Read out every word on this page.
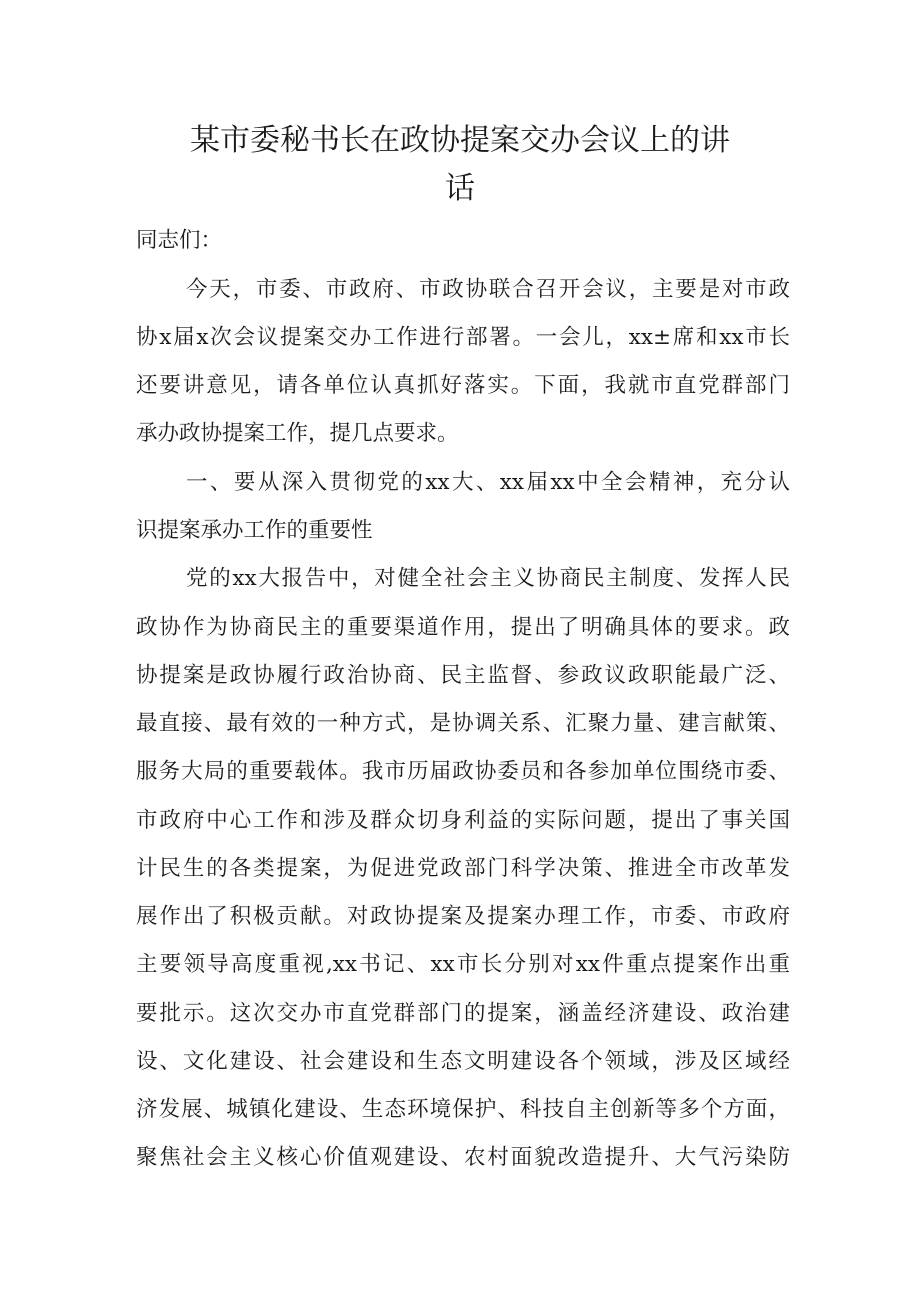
某市委秘书长在政协提案交办会议上的讲
话
同志们：
今天，市委、市政府、市政协联合召开会议，主要是对市政
协x届x次会议提案交办工作进行部署。一会儿，xx±席和xx市长
还要讲意见，请各单位认真抓好落实。下面，我就市直党群部门
承办政协提案工作，提几点要求。
一、要从深入贯彻党的xx大、xx届xx中全会精神，充分认
识提案承办工作的重要性
党的xx大报告中，对健全社会主义协商民主制度、发挥人民
政协作为协商民主的重要渠道作用，提出了明确具体的要求。政
协提案是政协履行政治协商、民主监督、参政议政职能最广泛、
最直接、最有效的一种方式，是协调关系、汇聚力量、建言献策、
服务大局的重要载体。我市历届政协委员和各参加单位围绕市委、
市政府中心工作和涉及群众切身利益的实际问题，提出了事关国
计民生的各类提案，为促进党政部门科学决策、推进全市改革发
展作出了积极贡献。对政协提案及提案办理工作，市委、市政府
主要领导高度重视,xx书记、xx市长分别对xx件重点提案作出重
要批示。这次交办市直党群部门的提案，涵盖经济建设、政治建
设、文化建设、社会建设和生态文明建设各个领域，涉及区域经
济发展、城镇化建设、生态环境保护、科技自主创新等多个方面，
聚焦社会主义核心价值观建设、农村面貌改造提升、大气污染防
